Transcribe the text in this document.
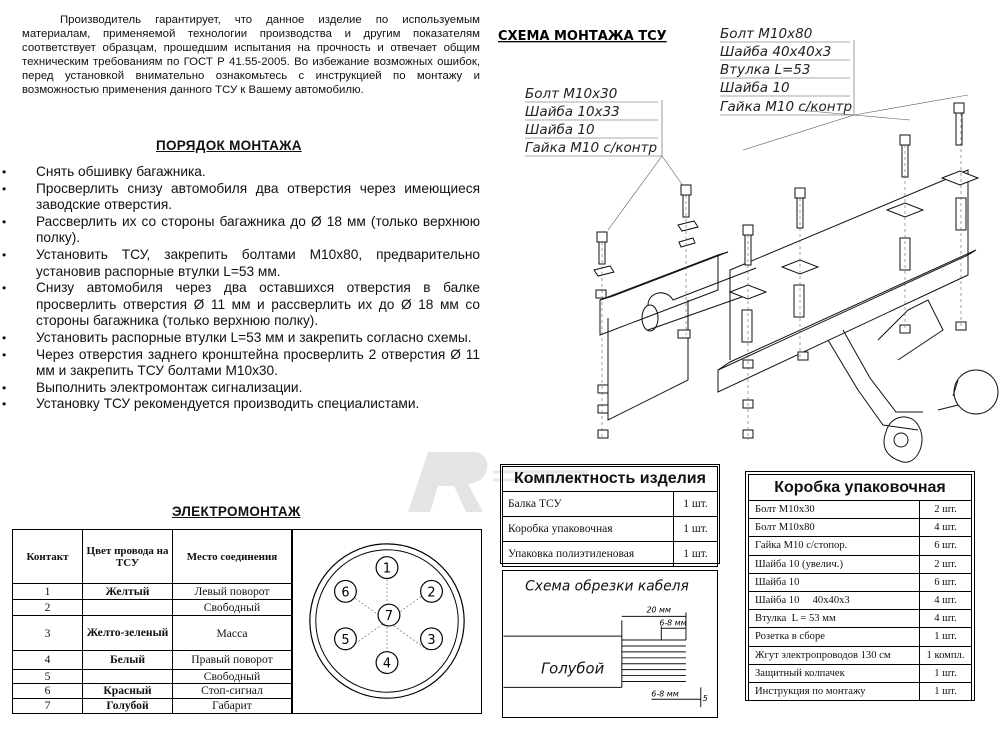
Производитель гарантирует, что данное изделие по используемым материалам, применяемой технологии производства и другим показателям соответствует образцам, прошедшим испытания на прочность и отвечает общим техническим требованиям по ГОСТ Р 41.55-2005. Во избежание возможных ошибок, перед установкой внимательно ознакомьтесь с инструкцией по монтажу и возможностью применения данного ТСУ к Вашему автомобилю.
ПОРЯДОК МОНТАЖА
• Снять обшивку багажника.
• Просверлить снизу автомобиля два отверстия через имеющиеся заводские отверстия.
• Рассверлить их со стороны багажника до Ø 18 мм (только верхнюю полку).
• Установить ТСУ, закрепить болтами М10х80, предварительно установив распорные втулки L=53 мм.
• Снизу автомобиля через два оставшихся отверстия в балке просверлить отверстия Ø 11 мм и рассверлить их до Ø 18 мм со стороны багажника (только верхнюю полку).
• Установить распорные втулки L=53 мм и закрепить согласно схемы.
• Через отверстия заднего кронштейна просверлить 2 отверстия Ø 11 мм и закрепить ТСУ болтами М10х30.
• Выполнить электромонтаж сигнализации.
• Установку ТСУ рекомендуется производить специалистами.
СХЕМА МОНТАЖА ТСУ	Болт М10х80
Шайба 40х40х3
Втулка L=53
Шайба 10
Гайка М10 с/контр
Болт М10х30
Шайба 10х33
Шайба 10
Гайка М10 с/контр
ЭЛЕКТРОМОНТАЖ
Контакт	Цвет провода на ТСУ	Место соединения
1	Желтый	Левый поворот
2		Свободный
3	Желто-зеленый	Масса
4	Белый	Правый поворот
5		Свободный
6	Красный	Стоп-сигнал
7	Голубой	Габарит
1
2
3
4
5
6
7
Комплектность изделия	
Балка ТСУ	1 шт.
Коробка упаковочная	1 шт.
Упаковка полиэтиленовая	1 шт.
Схема обрезки кабеля
20 мм
6-8 мм
6-8 мм
5
Голубой
Коробка упаковочная	
Болт М10х30	2 шт.
Болт М10х80	4 шт.
Гайка М10 с/стопор.	6 шт.
Шайба 10 (увелич.)	2 шт.
Шайба 10	6 шт.
Шайба 10     40х40х3	4 шт.
Втулка  L = 53 мм	4 шт.
Розетка в сборе	1 шт.
Жгут электропроводов 130 см	1 компл.
Защитный колпачек	1 шт.
Инструкция по монтажу	1 шт.
